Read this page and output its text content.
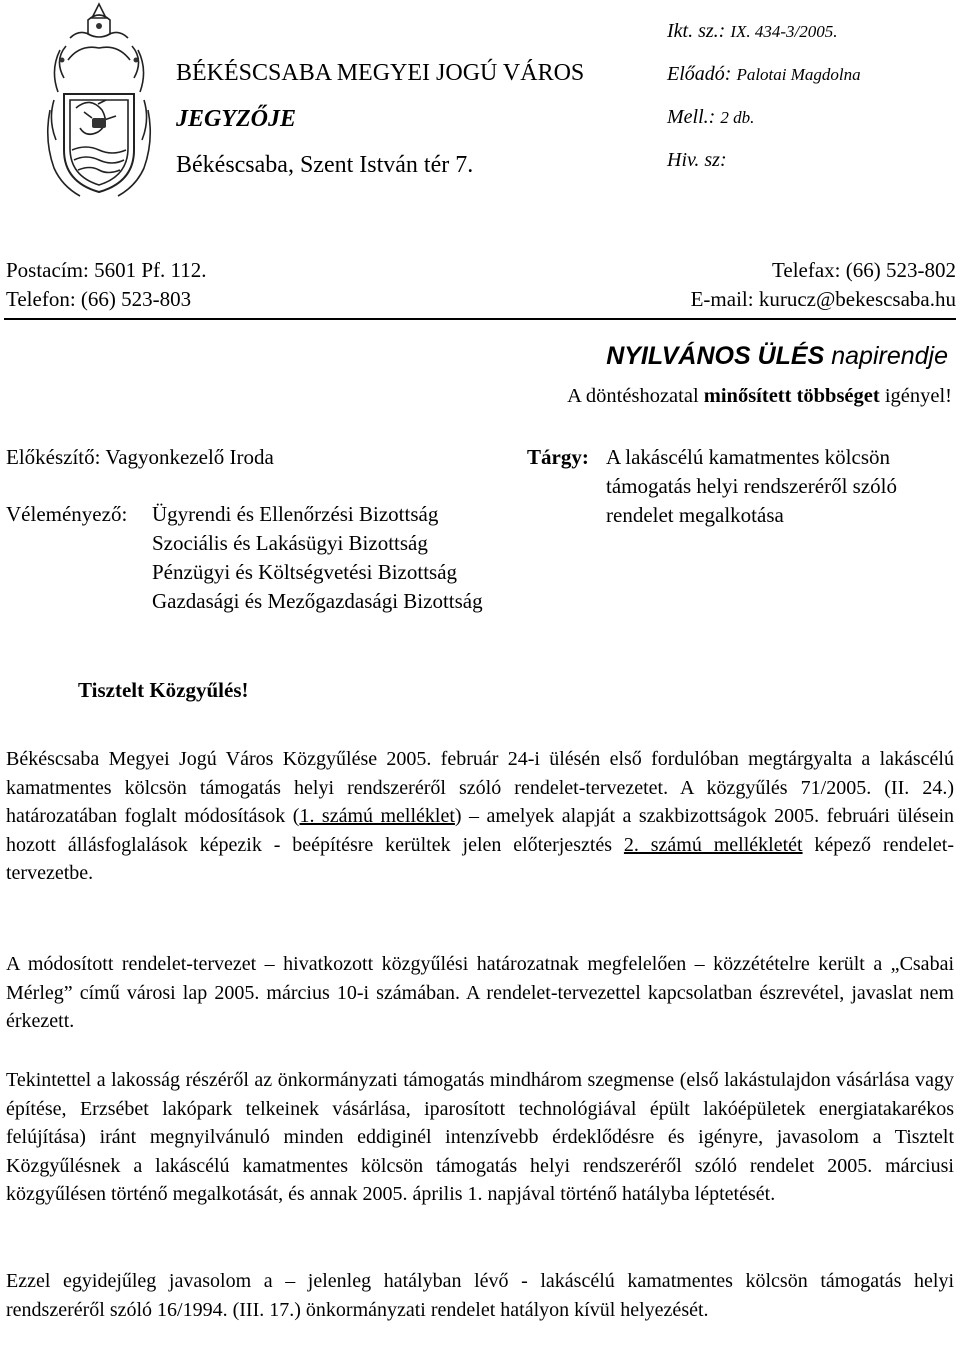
BÉKÉSCSABA MEGYEI JOGÚ VÁROS
JEGYZŐJE
Békéscsaba, Szent István tér 7.
Ikt. sz.: IX. 434-3/2005.
Előadó: Palotai Magdolna
Mell.: 2 db.
Hiv. sz:
Postacím: 5601 Pf. 112.
Telefon: (66) 523-803
Telefax: (66) 523-802
E-mail: kurucz@bekescsaba.hu
NYILVÁNOS ÜLÉS napirendje
A döntéshozatal minősített többséget igényel!
Előkészítő: Vagyonkezelő Iroda
Véleményező: Ügyrendi és Ellenőrzési Bizottság
Szociális és Lakásügyi Bizottság
Pénzügyi és Költségvetési Bizottság
Gazdasági és Mezőgazdasági Bizottság
Tárgy: A lakáscélú kamatmentes kölcsön
támogatás helyi rendszeréről szóló
rendelet megalkotása
Tisztelt Közgyűlés!
Békéscsaba Megyei Jogú Város Közgyűlése 2005. február 24-i ülésén első fordulóban megtárgyalta a lakáscélú kamatmentes kölcsön támogatás helyi rendszeréről szóló rendelet-tervezetet. A közgyűlés 71/2005. (II. 24.) határozatában foglalt módosítások (1. számú melléklet) – amelyek alapját a szakbizottságok 2005. februári ülésein hozott állásfoglalások képezik - beépítésre kerültek jelen előterjesztés 2. számú mellékletét képező rendelet-tervezetbe.
A módosított rendelet-tervezet – hivatkozott közgyűlési határozatnak megfelelően – közzétételre került a „Csabai Mérleg” című városi lap 2005. március 10-i számában. A rendelet-tervezettel kapcsolatban észrevétel, javaslat nem érkezett.
Tekintettel a lakosság részéről az önkormányzati támogatás mindhárom szegmense (első lakástulajdon vásárlása vagy építése, Erzsébet lakópark telkeinek vásárlása, iparosított technológiával épült lakóépületek energiatakarékos felújítása) iránt megnyilvánuló minden eddiginél intenzívebb érdeklődésre és igényre, javasolom a Tisztelt Közgyűlésnek a lakáscélú kamatmentes kölcsön támogatás helyi rendszeréről szóló rendelet 2005. márciusi közgyűlésen történő megalkotását, és annak 2005. április 1. napjával történő hatályba léptetését.
Ezzel egyidejűleg javasolom a – jelenleg hatályban lévő - lakáscélú kamatmentes kölcsön támogatás helyi rendszeréről szóló 16/1994. (III. 17.) önkormányzati rendelet hatályon kívül helyezését.
